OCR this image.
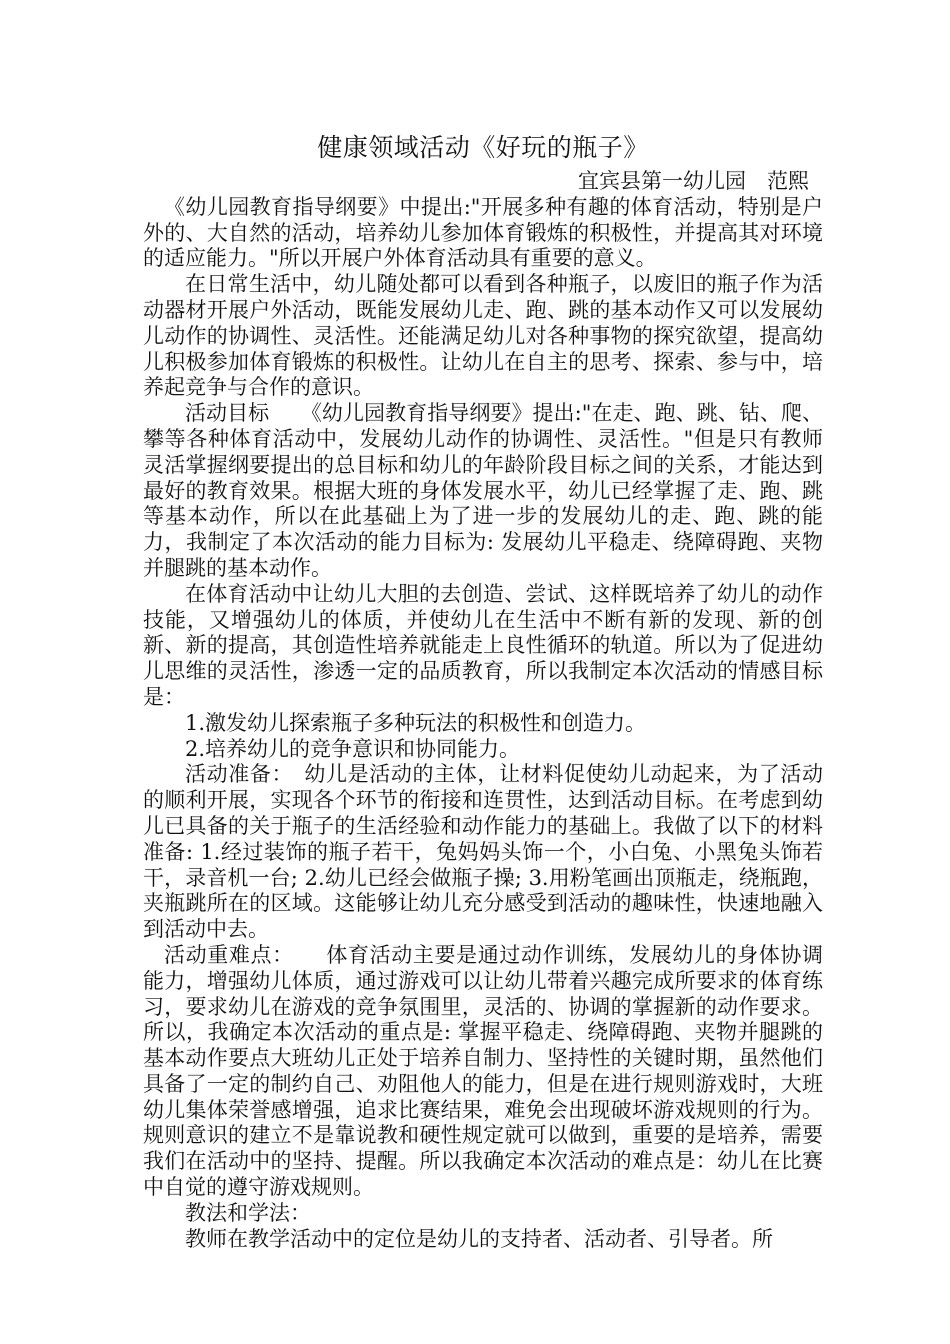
健康领域活动《好玩的瓶子》
宜宾县第一幼儿园　范熙

《幼儿园教育指导纲要》中提出:"开展多种有趣的体育活动，特别是户外的、大自然的活动，培养幼儿参加体育锻炼的积极性，并提高其对环境的适应能力。"所以开展户外体育活动具有重要的意义。

在日常生活中，幼儿随处都可以看到各种瓶子，以废旧的瓶子作为活动器材开展户外活动，既能发展幼儿走、跑、跳的基本动作又可以发展幼儿动作的协调性、灵活性。还能满足幼儿对各种事物的探究欲望，提高幼儿积极参加体育锻炼的积极性。让幼儿在自主的思考、探索、参与中，培养起竞争与合作的意识。

活动目标　　《幼儿园教育指导纲要》提出:"在走、跑、跳、钻、爬、攀等各种体育活动中，发展幼儿动作的协调性、灵活性。"但是只有教师灵活掌握纲要提出的总目标和幼儿的年龄阶段目标之间的关系，才能达到最好的教育效果。根据大班的身体发展水平，幼儿已经掌握了走、跑、跳等基本动作，所以在此基础上为了进一步的发展幼儿的走、跑、跳的能力，我制定了本次活动的能力目标为: 发展幼儿平稳走、绕障碍跑、夹物并腿跳的基本动作。

在体育活动中让幼儿大胆的去创造、尝试、这样既培养了幼儿的动作技能，又增强幼儿的体质，并使幼儿在生活中不断有新的发现、新的创新、新的提高，其创造性培养就能走上良性循环的轨道。所以为了促进幼儿思维的灵活性，渗透一定的品质教育，所以我制定本次活动的情感目标是：

1.激发幼儿探索瓶子多种玩法的积极性和创造力。

2.培养幼儿的竞争意识和协同能力。

活动准备：　幼儿是活动的主体，让材料促使幼儿动起来，为了活动的顺利开展，实现各个环节的衔接和连贯性，达到活动目标。在考虑到幼儿已具备的关于瓶子的生活经验和动作能力的基础上。我做了以下的材料准备: 1.经过装饰的瓶子若干，兔妈妈头饰一个，小白兔、小黑兔头饰若干，录音机一台; 2.幼儿已经会做瓶子操; 3.用粉笔画出顶瓶走，绕瓶跑，夹瓶跳所在的区域。这能够让幼儿充分感受到活动的趣味性，快速地融入到活动中去。

活动重难点：　　体育活动主要是通过动作训练，发展幼儿的身体协调能力，增强幼儿体质，通过游戏可以让幼儿带着兴趣完成所要求的体育练习，要求幼儿在游戏的竞争氛围里，灵活的、协调的掌握新的动作要求。所以，我确定本次活动的重点是: 掌握平稳走、绕障碍跑、夹物并腿跳的基本动作要点大班幼儿正处于培养自制力、坚持性的关键时期，虽然他们具备了一定的制约自己、劝阻他人的能力，但是在进行规则游戏时，大班幼儿集体荣誉感增强，追求比赛结果，难免会出现破坏游戏规则的行为。规则意识的建立不是靠说教和硬性规定就可以做到，重要的是培养，需要我们在活动中的坚持、提醒。所以我确定本次活动的难点是：幼儿在比赛中自觉的遵守游戏规则。

教法和学法：

教师在教学活动中的定位是幼儿的支持者、活动者、引导者。所
